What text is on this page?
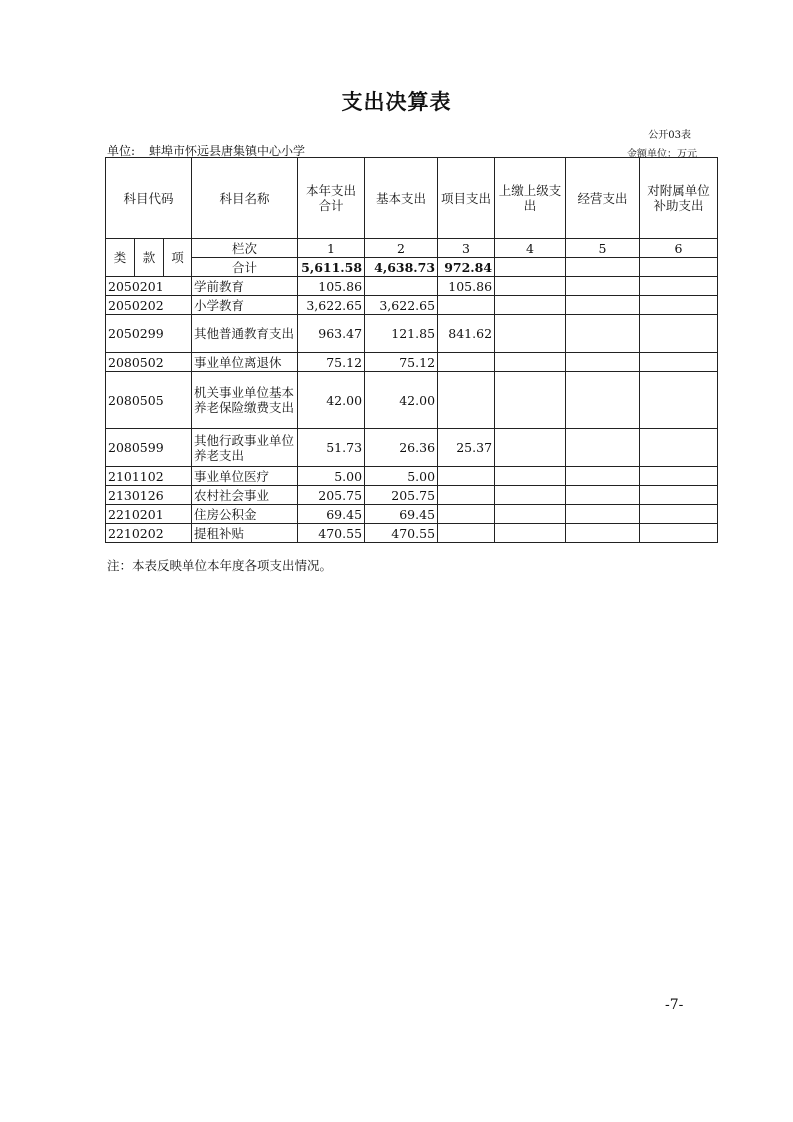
支出决算表
公开03表
单位: 蚌埠市怀远县唐集镇中心小学	金额单位：万元
科目代码			科目名称	本年支出合计	基本支出	项目支出	上缴上级支出	经营支出	对附属单位补助支出
类	款	项	栏次	1	2	3	4	5	6
			合计	5,611.58	4,638.73	972.84			
2050201			学前教育	105.86		105.86			
2050202			小学教育	3,622.65	3,622.65				
2050299			其他普通教育支出	963.47	121.85	841.62			
2080502			事业单位离退休	75.12	75.12				
2080505			机关事业单位基本养老保险缴费支出	42.00	42.00				
2080599			其他行政事业单位养老支出	51.73	26.36	25.37			
2101102			事业单位医疗	5.00	5.00				
2130126			农村社会事业	205.75	205.75				
2210201			住房公积金	69.45	69.45				
2210202			提租补贴	470.55	470.55				
注：本表反映单位本年度各项支出情况。
-7-
